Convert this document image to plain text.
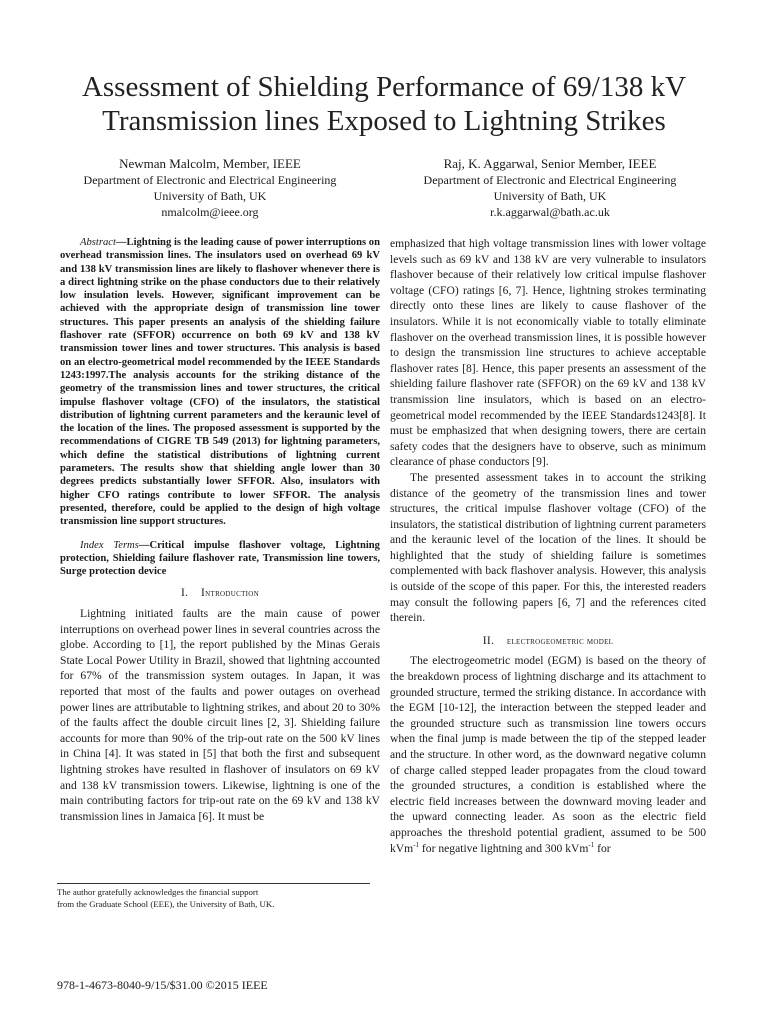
Assessment of Shielding Performance of 69/138 kV
Transmission lines Exposed to Lightning Strikes
Newman Malcolm, Member, IEEE
Department of Electronic and Electrical Engineering
University of Bath, UK
nmalcolm@ieee.org
Raj, K. Aggarwal, Senior Member, IEEE
Department of Electronic and Electrical Engineering
University of Bath, UK
r.k.aggarwal@bath.ac.uk

Abstract—Lightning is the leading cause of power interruptions on overhead transmission lines. The insulators used on overhead 69 kV and 138 kV transmission lines are likely to flashover whenever there is a direct lightning strike on the phase conductors due to their relatively low insulation levels. However, significant improvement can be achieved with the appropriate design of transmission line tower structures. This paper presents an analysis of the shielding failure flashover rate (SFFOR) occurrence on both 69 kV and 138 kV transmission tower lines and tower structures. This analysis is based on an electro-geometrical model recommended by the IEEE Standards 1243:1997.The analysis accounts for the striking distance of the geometry of the transmission lines and tower structures, the critical impulse flashover voltage (CFO) of the insulators, the statistical distribution of lightning current parameters and the keraunic level of the location of the lines. The proposed assessment is supported by the recommendations of CIGRE TB 549 (2013) for lightning parameters, which define the statistical distributions of lightning current parameters. The results show that shielding angle lower than 30 degrees predicts substantially lower SFFOR. Also, insulators with higher CFO ratings contribute to lower SFFOR. The analysis presented, therefore, could be applied to the design of high voltage transmission line support structures.

Index Terms—Critical impulse flashover voltage, Lightning protection, Shielding failure flashover rate, Transmission line towers, Surge protection device

I. Introduction

Lightning initiated faults are the main cause of power interruptions on overhead power lines in several countries across the globe. According to [1], the report published by the Minas Gerais State Local Power Utility in Brazil, showed that lightning accounted for 67% of the transmission system outages. In Japan, it was reported that most of the faults and power outages on overhead power lines are attributable to lightning strikes, and about 20 to 30% of the faults affect the double circuit lines [2, 3]. Shielding failure accounts for more than 90% of the trip-out rate on the 500 kV lines in China [4]. It was stated in [5] that both the first and subsequent lightning strokes have resulted in flashover of insulators on 69 kV and 138 kV transmission towers. Likewise, lightning is one of the main contributing factors for trip-out rate on the 69 kV and 138 kV transmission lines in Jamaica [6]. It must be

emphasized that high voltage transmission lines with lower voltage levels such as 69 kV and 138 kV are very vulnerable to insulators flashover because of their relatively low critical impulse flashover voltage (CFO) ratings [6, 7]. Hence, lightning strokes terminating directly onto these lines are likely to cause flashover of the insulators. While it is not economically viable to totally eliminate flashover on the overhead transmission lines, it is possible however to design the transmission line structures to achieve acceptable flashover rates [8]. Hence, this paper presents an assessment of the shielding failure flashover rate (SFFOR) on the 69 kV and 138 kV transmission line insulators, which is based on an electro-geometrical model recommended by the IEEE Standards1243[8]. It must be emphasized that when designing towers, there are certain safety codes that the designers have to observe, such as minimum clearance of phase conductors [9].

The presented assessment takes in to account the striking distance of the geometry of the transmission lines and tower structures, the critical impulse flashover voltage (CFO) of the insulators, the statistical distribution of lightning current parameters and the keraunic level of the location of the lines. It should be highlighted that the study of shielding failure is sometimes complemented with back flashover analysis. However, this analysis is outside of the scope of this paper. For this, the interested readers may consult the following papers [6, 7] and the references cited therein.

II. electrogeometric model

The electrogeometric model (EGM) is based on the theory of the breakdown process of lightning discharge and its attachment to grounded structure, termed the striking distance. In accordance with the EGM [10-12], the interaction between the stepped leader and the grounded structure such as transmission line towers occurs when the final jump is made between the tip of the stepped leader and the structure. In other word, as the downward negative column of charge called stepped leader propagates from the cloud toward the grounded structures, a condition is established where the electric field increases between the downward moving leader and the upward connecting leader. As soon as the electric field approaches the threshold potential gradient, assumed to be 500 kVm$^{-1}$ for negative lightning and 300 kVm$^{-1}$ for

The author gratefully acknowledges the financial support
from the Graduate School (EEE), the University of Bath, UK.
978-1-4673-8040-9/15/$31.00 ©2015 IEEE
